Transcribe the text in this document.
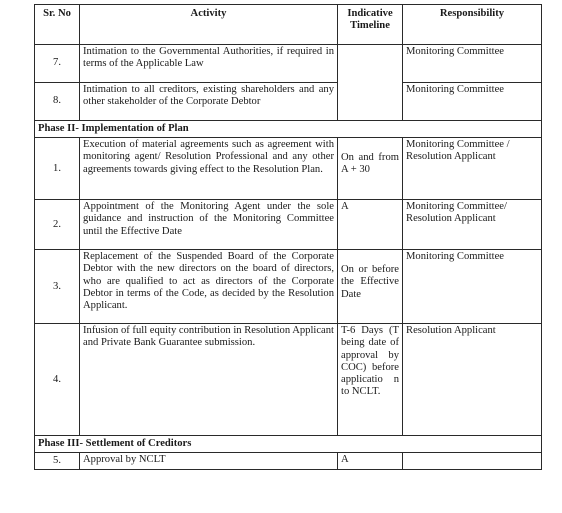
Sr. No	Activity	Indicative Timeline	Responsibility
7.	Intimation to the Governmental Authorities, if required in terms of the Applicable Law		Monitoring Committee
8.	Intimation to all creditors, existing shareholders and any other stakeholder of the Corporate Debtor		Monitoring Committee
Phase II- Implementation of Plan			
1.	Execution of material agreements such as agreement with monitoring agent/ Resolution Professional and any other agreements towards giving effect to the Resolution Plan.	On and from A + 30	Monitoring Committee / Resolution Applicant
2.	Appointment of the Monitoring Agent under the sole guidance and instruction of the Monitoring Committee until the Effective Date	A	Monitoring Committee/ Resolution Applicant
3.	Replacement of the Suspended Board of the Corporate Debtor with the new directors on the board of directors, who are qualified to act as directors of the Corporate Debtor in terms of the Code, as decided by the Resolution Applicant.	On or before the Effective Date	Monitoring Committee
4.	Infusion of full equity contribution in Resolution Applicant and Private Bank Guarantee submission.	T-6 Days (T being date of approval by COC) before applicatio n to NCLT.	Resolution Applicant
Phase III- Settlement of Creditors			
5.	Approval by NCLT	A	
